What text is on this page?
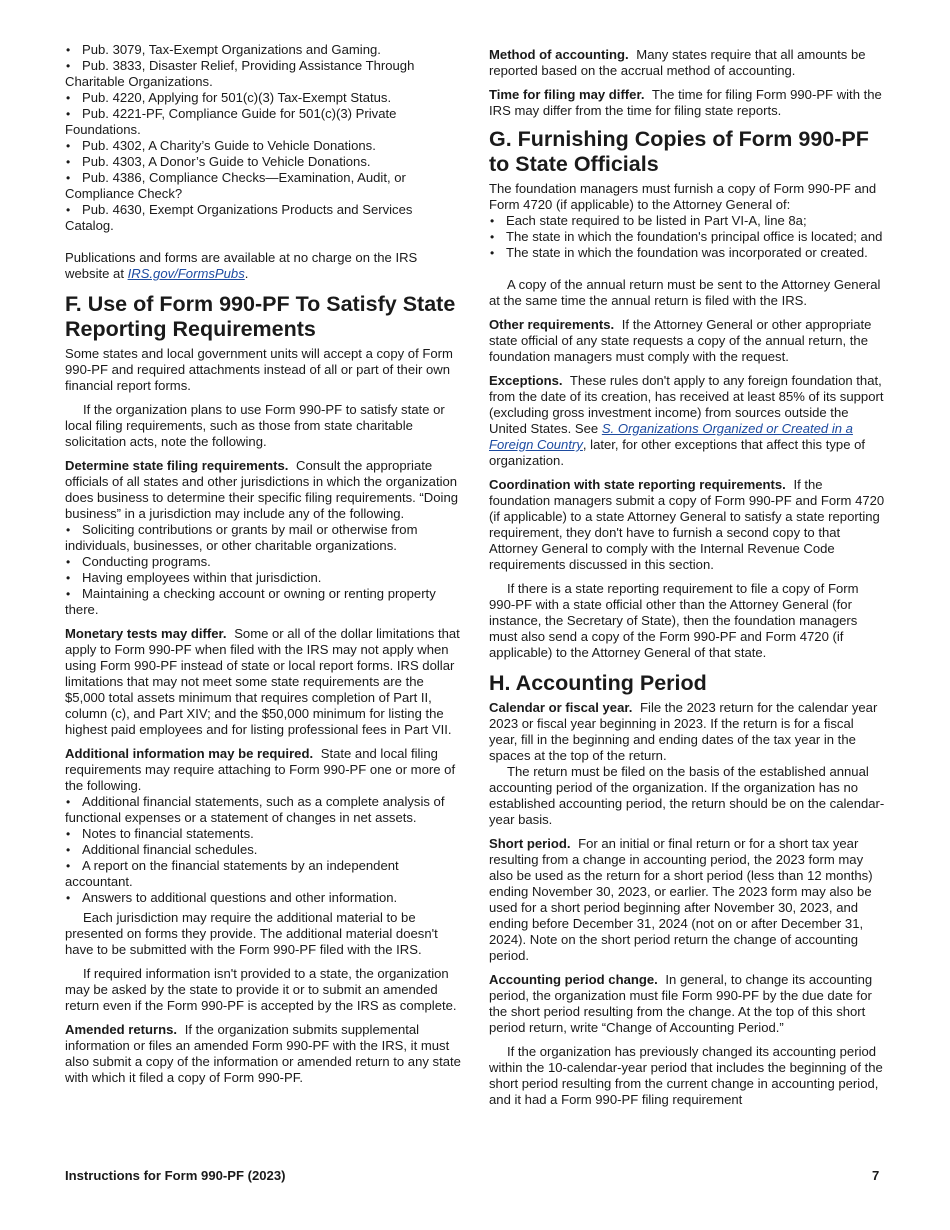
• Pub. 3079, Tax-Exempt Organizations and Gaming.
• Pub. 3833, Disaster Relief, Providing Assistance Through Charitable Organizations.
• Pub. 4220, Applying for 501(c)(3) Tax-Exempt Status.
• Pub. 4221-PF, Compliance Guide for 501(c)(3) Private Foundations.
• Pub. 4302, A Charity’s Guide to Vehicle Donations.
• Pub. 4303, A Donor’s Guide to Vehicle Donations.
• Pub. 4386, Compliance Checks—Examination, Audit, or Compliance Check?
• Pub. 4630, Exempt Organizations Products and Services Catalog.

Publications and forms are available at no charge on the IRS website at IRS.gov/FormsPubs.

F. Use of Form 990-PF To Satisfy State Reporting Requirements

Some states and local government units will accept a copy of Form 990-PF and required attachments instead of all or part of their own financial report forms.

If the organization plans to use Form 990-PF to satisfy state or local filing requirements, such as those from state charitable solicitation acts, note the following.

Determine state filing requirements. Consult the appropriate officials of all states and other jurisdictions in which the organization does business to determine their specific filing requirements. “Doing business” in a jurisdiction may include any of the following.

• Soliciting contributions or grants by mail or otherwise from individuals, businesses, or other charitable organizations.
• Conducting programs.
• Having employees within that jurisdiction.
• Maintaining a checking account or owning or renting property there.

Monetary tests may differ. Some or all of the dollar limitations that apply to Form 990-PF when filed with the IRS may not apply when using Form 990-PF instead of state or local report forms. IRS dollar limitations that may not meet some state requirements are the $5,000 total assets minimum that requires completion of Part II, column (c), and Part XIV; and the $50,000 minimum for listing the highest paid employees and for listing professional fees in Part VII.

Additional information may be required. State and local filing requirements may require attaching to Form 990-PF one or more of the following.

• Additional financial statements, such as a complete analysis of functional expenses or a statement of changes in net assets.
• Notes to financial statements.
• Additional financial schedules.
• A report on the financial statements by an independent accountant.
• Answers to additional questions and other information.

Each jurisdiction may require the additional material to be presented on forms they provide. The additional material doesn't have to be submitted with the Form 990-PF filed with the IRS.

If required information isn't provided to a state, the organization may be asked by the state to provide it or to submit an amended return even if the Form 990-PF is accepted by the IRS as complete.

Amended returns. If the organization submits supplemental information or files an amended Form 990-PF with the IRS, it must also submit a copy of the information or amended return to any state with which it filed a copy of Form 990-PF.

Method of accounting. Many states require that all amounts be reported based on the accrual method of accounting.

Time for filing may differ. The time for filing Form 990-PF with the IRS may differ from the time for filing state reports.

G. Furnishing Copies of Form 990-PF to State Officials

The foundation managers must furnish a copy of Form 990-PF and Form 4720 (if applicable) to the Attorney General of:

• Each state required to be listed in Part VI-A, line 8a;
• The state in which the foundation's principal office is located; and
• The state in which the foundation was incorporated or created.

A copy of the annual return must be sent to the Attorney General at the same time the annual return is filed with the IRS.

Other requirements. If the Attorney General or other appropriate state official of any state requests a copy of the annual return, the foundation managers must comply with the request.

Exceptions. These rules don't apply to any foreign foundation that, from the date of its creation, has received at least 85% of its support (excluding gross investment income) from sources outside the United States. See S. Organizations Organized or Created in a Foreign Country, later, for other exceptions that affect this type of organization.

Coordination with state reporting requirements. If the foundation managers submit a copy of Form 990-PF and Form 4720 (if applicable) to a state Attorney General to satisfy a state reporting requirement, they don't have to furnish a second copy to that Attorney General to comply with the Internal Revenue Code requirements discussed in this section.

If there is a state reporting requirement to file a copy of Form 990-PF with a state official other than the Attorney General (for instance, the Secretary of State), then the foundation managers must also send a copy of the Form 990-PF and Form 4720 (if applicable) to the Attorney General of that state.

H. Accounting Period

Calendar or fiscal year. File the 2023 return for the calendar year 2023 or fiscal year beginning in 2023. If the return is for a fiscal year, fill in the beginning and ending dates of the tax year in the spaces at the top of the return.

The return must be filed on the basis of the established annual accounting period of the organization. If the organization has no established accounting period, the return should be on the calendar-year basis.

Short period. For an initial or final return or for a short tax year resulting from a change in accounting period, the 2023 form may also be used as the return for a short period (less than 12 months) ending November 30, 2023, or earlier. The 2023 form may also be used for a short period beginning after November 30, 2023, and ending before December 31, 2024 (not on or after December 31, 2024). Note on the short period return the change of accounting period.

Accounting period change. In general, to change its accounting period, the organization must file Form 990-PF by the due date for the short period resulting from the change. At the top of this short period return, write “Change of Accounting Period.”

If the organization has previously changed its accounting period within the 10-calendar-year period that includes the beginning of the short period resulting from the current change in accounting period, and it had a Form 990-PF filing requirement

Instructions for Form 990-PF (2023)	7
